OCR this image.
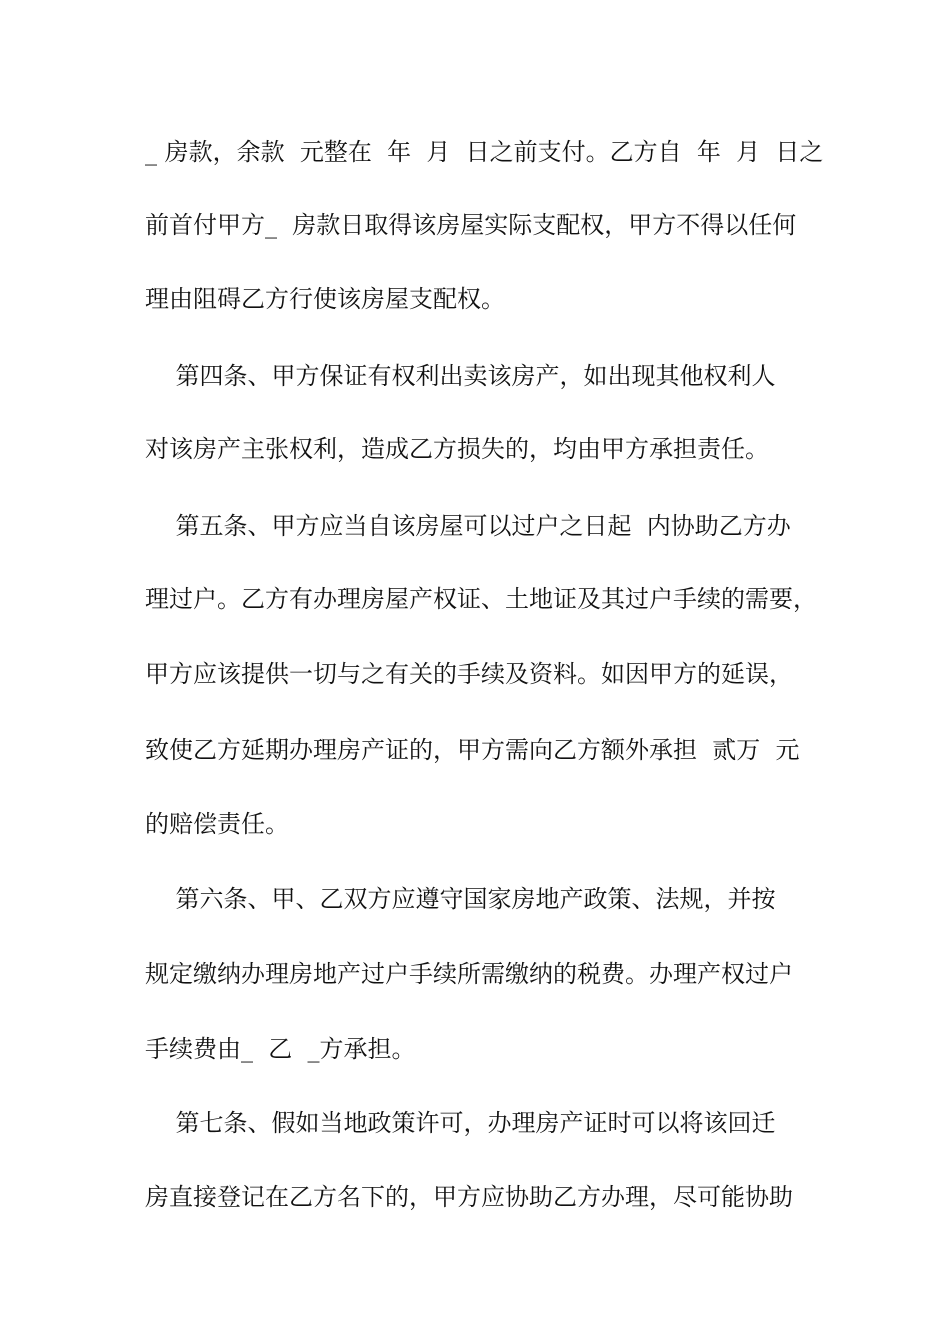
_ 房款，余款  元整在  年  月  日之前支付。乙方自  年  月  日之

前首付甲方_  房款日取得该房屋实际支配权，甲方不得以任何

理由阻碍乙方行使该房屋支配权。

第四条、甲方保证有权利出卖该房产，如出现其他权利人

对该房产主张权利，造成乙方损失的，均由甲方承担责任。

第五条、甲方应当自该房屋可以过户之日起  内协助乙方办

理过户。乙方有办理房屋产权证、土地证及其过户手续的需要，

甲方应该提供一切与之有关的手续及资料。如因甲方的延误，

致使乙方延期办理房产证的，甲方需向乙方额外承担  贰万  元

的赔偿责任。

第六条、甲、乙双方应遵守国家房地产政策、法规，并按

规定缴纳办理房地产过户手续所需缴纳的税费。办理产权过户

手续费由_  乙  _方承担。

第七条、假如当地政策许可，办理房产证时可以将该回迁

房直接登记在乙方名下的，甲方应协助乙方办理，尽可能协助
